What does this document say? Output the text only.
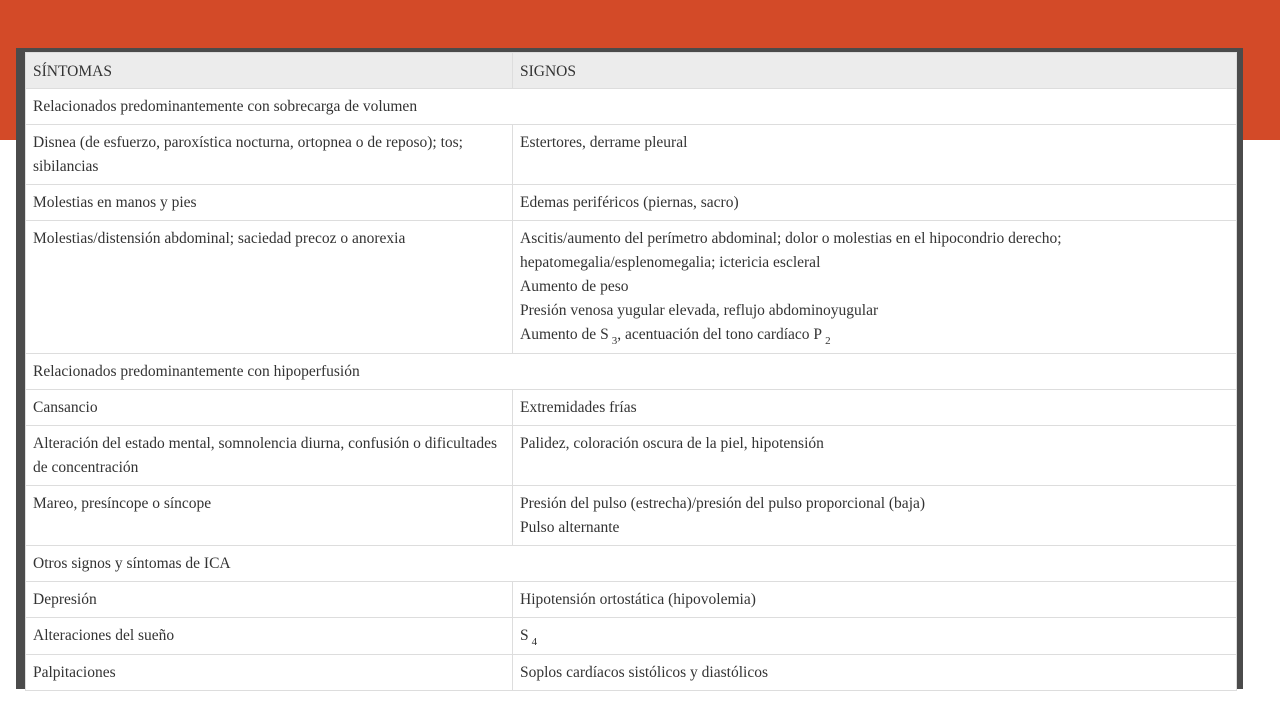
SÍNTOMAS	SIGNOS
Relacionados predominantemente con sobrecarga de volumen	
Disnea (de esfuerzo, paroxística nocturna, ortopnea o de reposo); tos; sibilancias	Estertores, derrame pleural

Molestias en manos y pies	Edemas periféricos (piernas, sacro)

Molestias/distensión abdominal; saciedad precoz o anorexia	Ascitis/aumento del perímetro abdominal; dolor o molestias en el hipocondrio derecho;
hepatomegalia/esplenomegalia; ictericia escleral
Aumento de peso
Presión venosa yugular elevada, reflujo abdominoyugular
Aumento de S $_3$, acentuación del tono cardíaco P $_2$

Relacionados predominantemente con hipoperfusión	
Cansancio	Extremidades frías

Alteración del estado mental, somnolencia diurna, confusión o dificultades de concentración	Palidez, coloración oscura de la piel, hipotensión

Mareo, presíncope o síncope	Presión del pulso (estrecha)/presión del pulso proporcional (baja)
Pulso alternante

Otros signos y síntomas de ICA	
Depresión	Hipotensión ortostática (hipovolemia)

Alteraciones del sueño	S $_4$

Palpitaciones	Soplos cardíacos sistólicos y diastólicos
